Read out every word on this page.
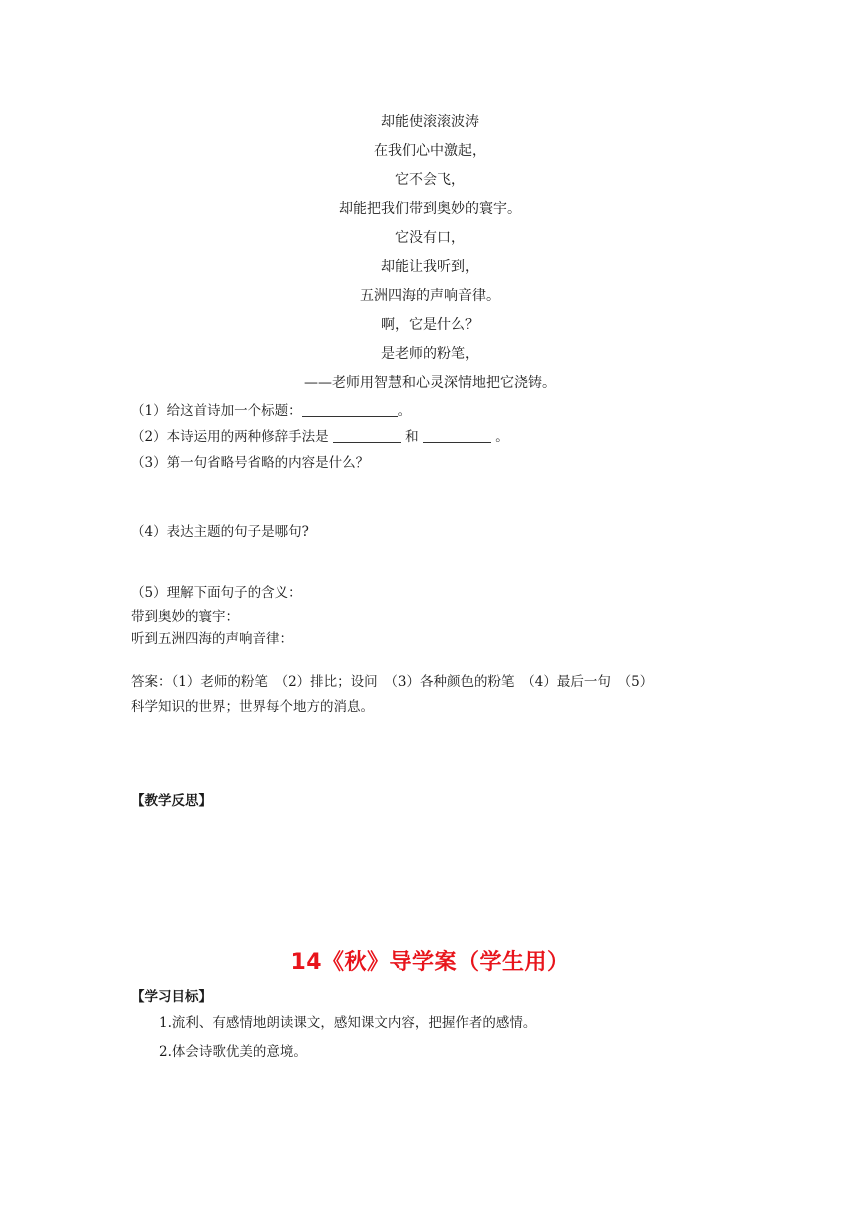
却能使滚滚波涛
在我们心中激起，
它不会飞，
却能把我们带到奥妙的寰宇。
它没有口，
却能让我听到，
五洲四海的声响音律。
啊，它是什么？
是老师的粉笔，
——老师用智慧和心灵深情地把它浇铸。
（1）给这首诗加一个标题：	。
（2）本诗运用的两种修辞手法是	和	。
（3）第一句省略号省略的内容是什么？
（4）表达主题的句子是哪句?
（5）理解下面句子的含义：
带到奥妙的寰宇：
听到五洲四海的声响音律：
答案：（1）老师的粉笔　（2）排比；设问　（3）各种颜色的粉笔　（4）最后一句　（5）
科学知识的世界；世界每个地方的消息。
【教学反思】
14《秋》导学案（学生用）
【学习目标】
1.流利、有感情地朗读课文，感知课文内容，把握作者的感情。
2.体会诗歌优美的意境。
